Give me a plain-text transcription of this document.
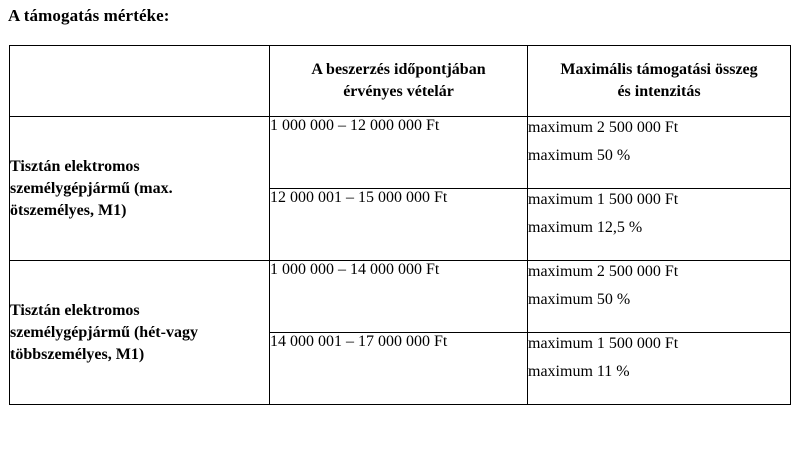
A támogatás mértéke:

	A beszerzés időpontjában
érvényes vételár	Maximális támogatási összeg
és intenzitás

Tisztán elektromos
személygépjármű (max.
ötszemélyes, M1)	1 000 000 – 12 000 000 Ft	maximum 2 500 000 Ft
maximum 50 %

	12 000 001 – 15 000 000 Ft	maximum 1 500 000 Ft
maximum 12,5 %

Tisztán elektromos
személygépjármű (hét-vagy
többszemélyes, M1)	1 000 000 – 14 000 000 Ft	maximum 2 500 000 Ft
maximum 50 %

	14 000 001 – 17 000 000 Ft	maximum 1 500 000 Ft
maximum 11 %
